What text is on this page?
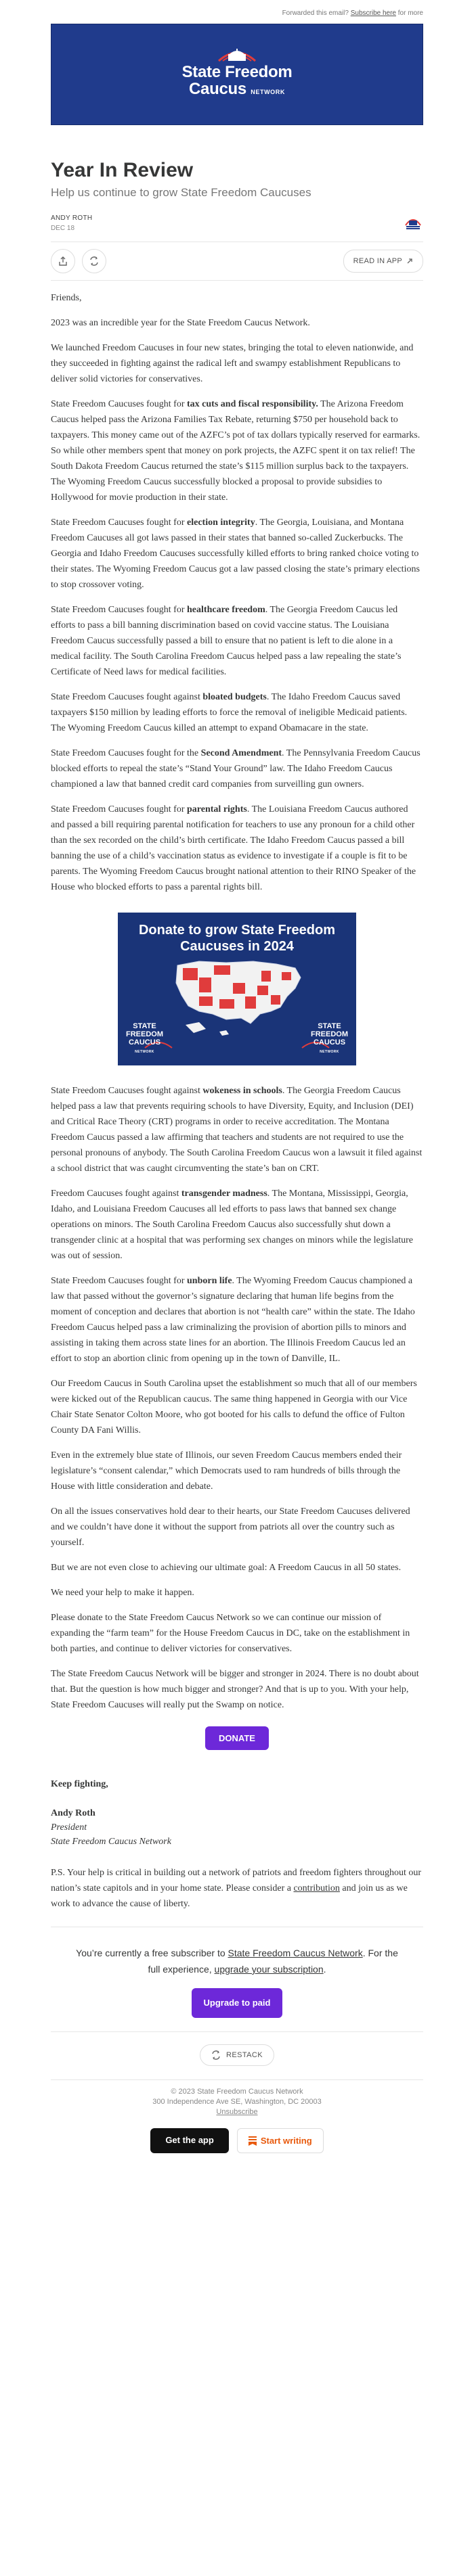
Forwarded this email? Subscribe here for more
State Freedom
Caucus NETWORK
Year In Review
Help us continue to grow State Freedom Caucuses
ANDY ROTH
DEC 18
READ IN APP

Friends,

2023 was an incredible year for the State Freedom Caucus Network.

We launched Freedom Caucuses in four new states, bringing the total to eleven nationwide, and they succeeded in fighting against the radical left and swampy establishment Republicans to deliver solid victories for conservatives.

State Freedom Caucuses fought for tax cuts and fiscal responsibility. The Arizona Freedom Caucus helped pass the Arizona Families Tax Rebate, returning $750 per household back to taxpayers. This money came out of the AZFC’s pot of tax dollars typically reserved for earmarks. So while other members spent that money on pork projects, the AZFC spent it on tax relief! The South Dakota Freedom Caucus returned the state’s $115 million surplus back to the taxpayers. The Wyoming Freedom Caucus successfully blocked a proposal to provide subsidies to Hollywood for movie production in their state.

State Freedom Caucuses fought for election integrity. The Georgia, Louisiana, and Montana Freedom Caucuses all got laws passed in their states that banned so-called Zuckerbucks. The Georgia and Idaho Freedom Caucuses successfully killed efforts to bring ranked choice voting to their states. The Wyoming Freedom Caucus got a law passed closing the state’s primary elections to stop crossover voting.

State Freedom Caucuses fought for healthcare freedom. The Georgia Freedom Caucus led efforts to pass a bill banning discrimination based on covid vaccine status. The Louisiana Freedom Caucus successfully passed a bill to ensure that no patient is left to die alone in a medical facility. The South Carolina Freedom Caucus helped pass a law repealing the state’s Certificate of Need laws for medical facilities.

State Freedom Caucuses fought against bloated budgets. The Idaho Freedom Caucus saved taxpayers $150 million by leading efforts to force the removal of ineligible Medicaid patients. The Wyoming Freedom Caucus killed an attempt to expand Obamacare in the state.

State Freedom Caucuses fought for the Second Amendment. The Pennsylvania Freedom Caucus blocked efforts to repeal the state’s “Stand Your Ground” law. The Idaho Freedom Caucus championed a law that banned credit card companies from surveilling gun owners.

State Freedom Caucuses fought for parental rights. The Louisiana Freedom Caucus authored and passed a bill requiring parental notification for teachers to use any pronoun for a child other than the sex recorded on the child’s birth certificate. The Idaho Freedom Caucus passed a bill banning the use of a child’s vaccination status as evidence to investigate if a couple is fit to be parents. The Wyoming Freedom Caucus brought national attention to their RINO Speaker of the House who blocked efforts to pass a parental rights bill.

Donate to grow State Freedom
Caucuses in 2024
STATE
FREEDOM
CAUCUS
NETWORK
STATE
FREEDOM
CAUCUS
NETWORK

State Freedom Caucuses fought against wokeness in schools. The Georgia Freedom Caucus helped pass a law that prevents requiring schools to have Diversity, Equity, and Inclusion (DEI) and Critical Race Theory (CRT) programs in order to receive accreditation. The Montana Freedom Caucus passed a law affirming that teachers and students are not required to use the personal pronouns of anybody. The South Carolina Freedom Caucus won a lawsuit it filed against a school district that was caught circumventing the state’s ban on CRT.

Freedom Caucuses fought against transgender madness. The Montana, Mississippi, Georgia, Idaho, and Louisiana Freedom Caucuses all led efforts to pass laws that banned sex change operations on minors. The South Carolina Freedom Caucus also successfully shut down a transgender clinic at a hospital that was performing sex changes on minors while the legislature was out of session.

State Freedom Caucuses fought for unborn life. The Wyoming Freedom Caucus championed a law that passed without the governor’s signature declaring that human life begins from the moment of conception and declares that abortion is not “health care” within the state. The Idaho Freedom Caucus helped pass a law criminalizing the provision of abortion pills to minors and assisting in taking them across state lines for an abortion. The Illinois Freedom Caucus led an effort to stop an abortion clinic from opening up in the town of Danville, IL.

Our Freedom Caucus in South Carolina upset the establishment so much that all of our members were kicked out of the Republican caucus. The same thing happened in Georgia with our Vice Chair State Senator Colton Moore, who got booted for his calls to defund the office of Fulton County DA Fani Willis.

Even in the extremely blue state of Illinois, our seven Freedom Caucus members ended their legislature’s “consent calendar,” which Democrats used to ram hundreds of bills through the House with little consideration and debate.

On all the issues conservatives hold dear to their hearts, our State Freedom Caucuses delivered and we couldn’t have done it without the support from patriots all over the country such as yourself.

But we are not even close to achieving our ultimate goal: A Freedom Caucus in all 50 states.

We need your help to make it happen.

Please donate to the State Freedom Caucus Network so we can continue our mission of expanding the “farm team” for the House Freedom Caucus in DC, take on the establishment in both parties, and continue to deliver victories for conservatives.

The State Freedom Caucus Network will be bigger and stronger in 2024. There is no doubt about that. But the question is how much bigger and stronger? And that is up to you. With your help, State Freedom Caucuses will really put the Swamp on notice.

DONATE
Keep fighting,
Andy Roth
President
State Freedom Caucus Network
P.S. Your help is critical in building out a network of patriots and freedom fighters throughout our nation’s state capitols and in your home state. Please consider a contribution and join us as we work to advance the cause of liberty.
You’re currently a free subscriber to State Freedom Caucus Network. For the full experience, upgrade your subscription.
Upgrade to paid
RESTACK
© 2023 State Freedom Caucus Network
300 Independence Ave SE, Washington, DC 20003
Unsubscribe
Get the app	Start writing
